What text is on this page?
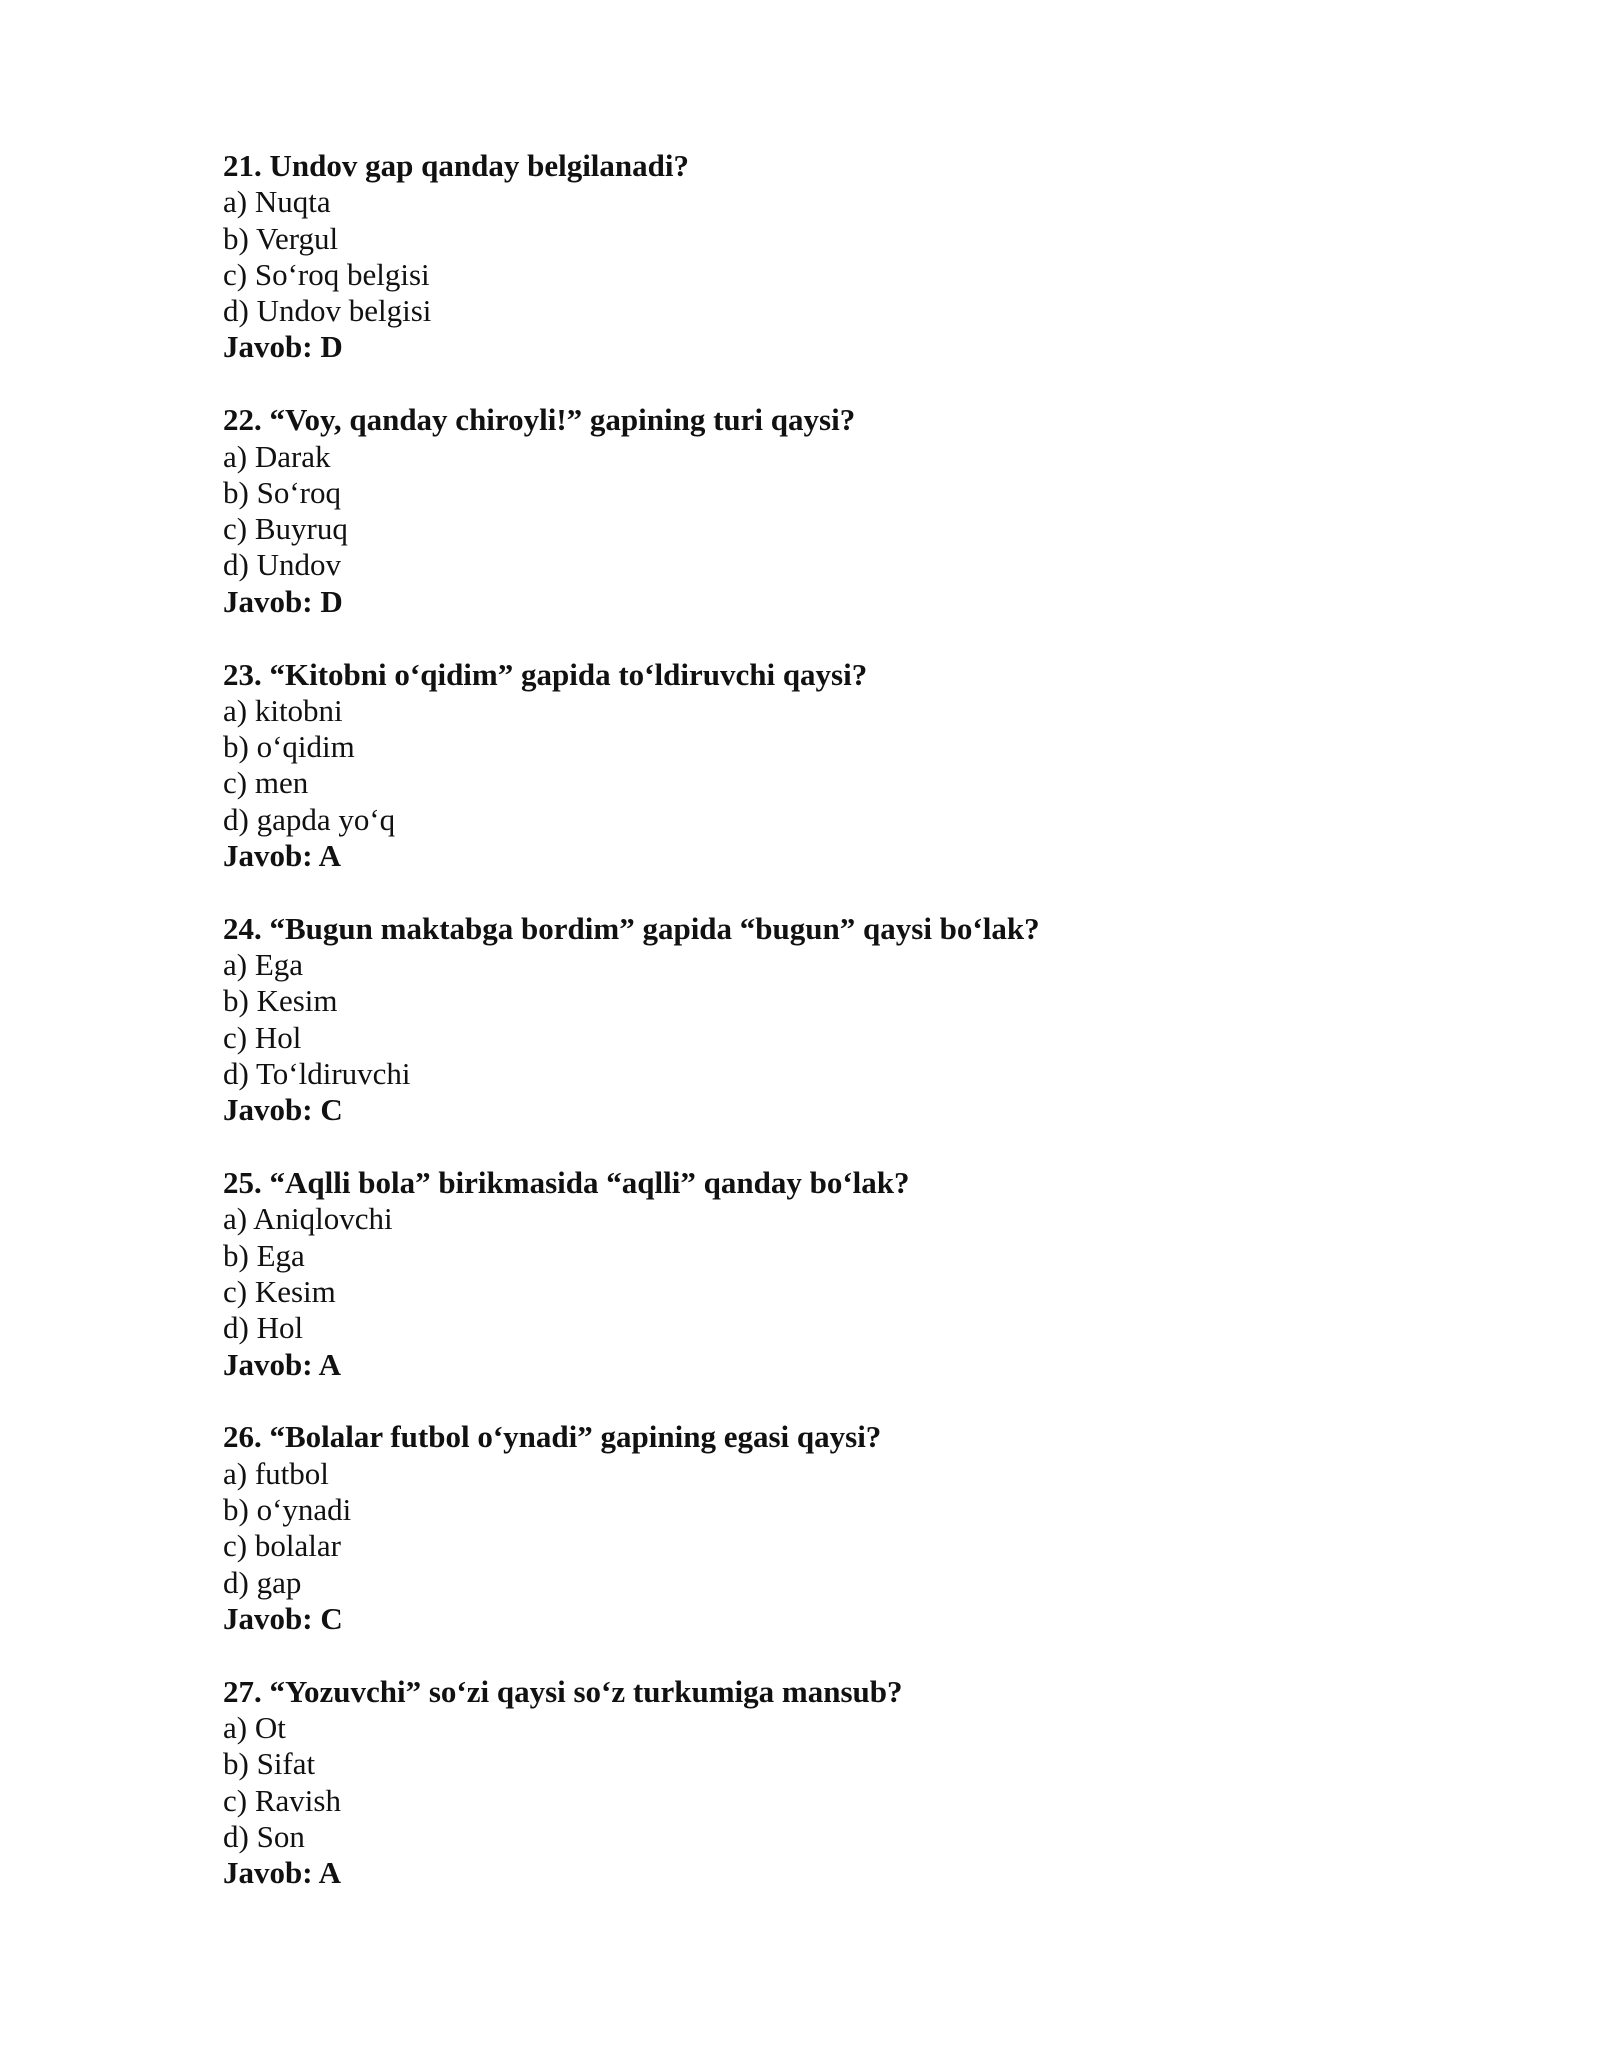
21. Undov gap qanday belgilanadi?
a) Nuqta
b) Vergul
c) So‘roq belgisi
d) Undov belgisi
Javob: D
22. “Voy, qanday chiroyli!” gapining turi qaysi?
a) Darak
b) So‘roq
c) Buyruq
d) Undov
Javob: D
23. “Kitobni o‘qidim” gapida to‘ldiruvchi qaysi?
a) kitobni
b) o‘qidim
c) men
d) gapda yo‘q
Javob: A
24. “Bugun maktabga bordim” gapida “bugun” qaysi bo‘lak?
a) Ega
b) Kesim
c) Hol
d) To‘ldiruvchi
Javob: C
25. “Aqlli bola” birikmasida “aqlli” qanday bo‘lak?
a) Aniqlovchi
b) Ega
c) Kesim
d) Hol
Javob: A
26. “Bolalar futbol o‘ynadi” gapining egasi qaysi?
a) futbol
b) o‘ynadi
c) bolalar
d) gap
Javob: C
27. “Yozuvchi” so‘zi qaysi so‘z turkumiga mansub?
a) Ot
b) Sifat
c) Ravish
d) Son
Javob: A
